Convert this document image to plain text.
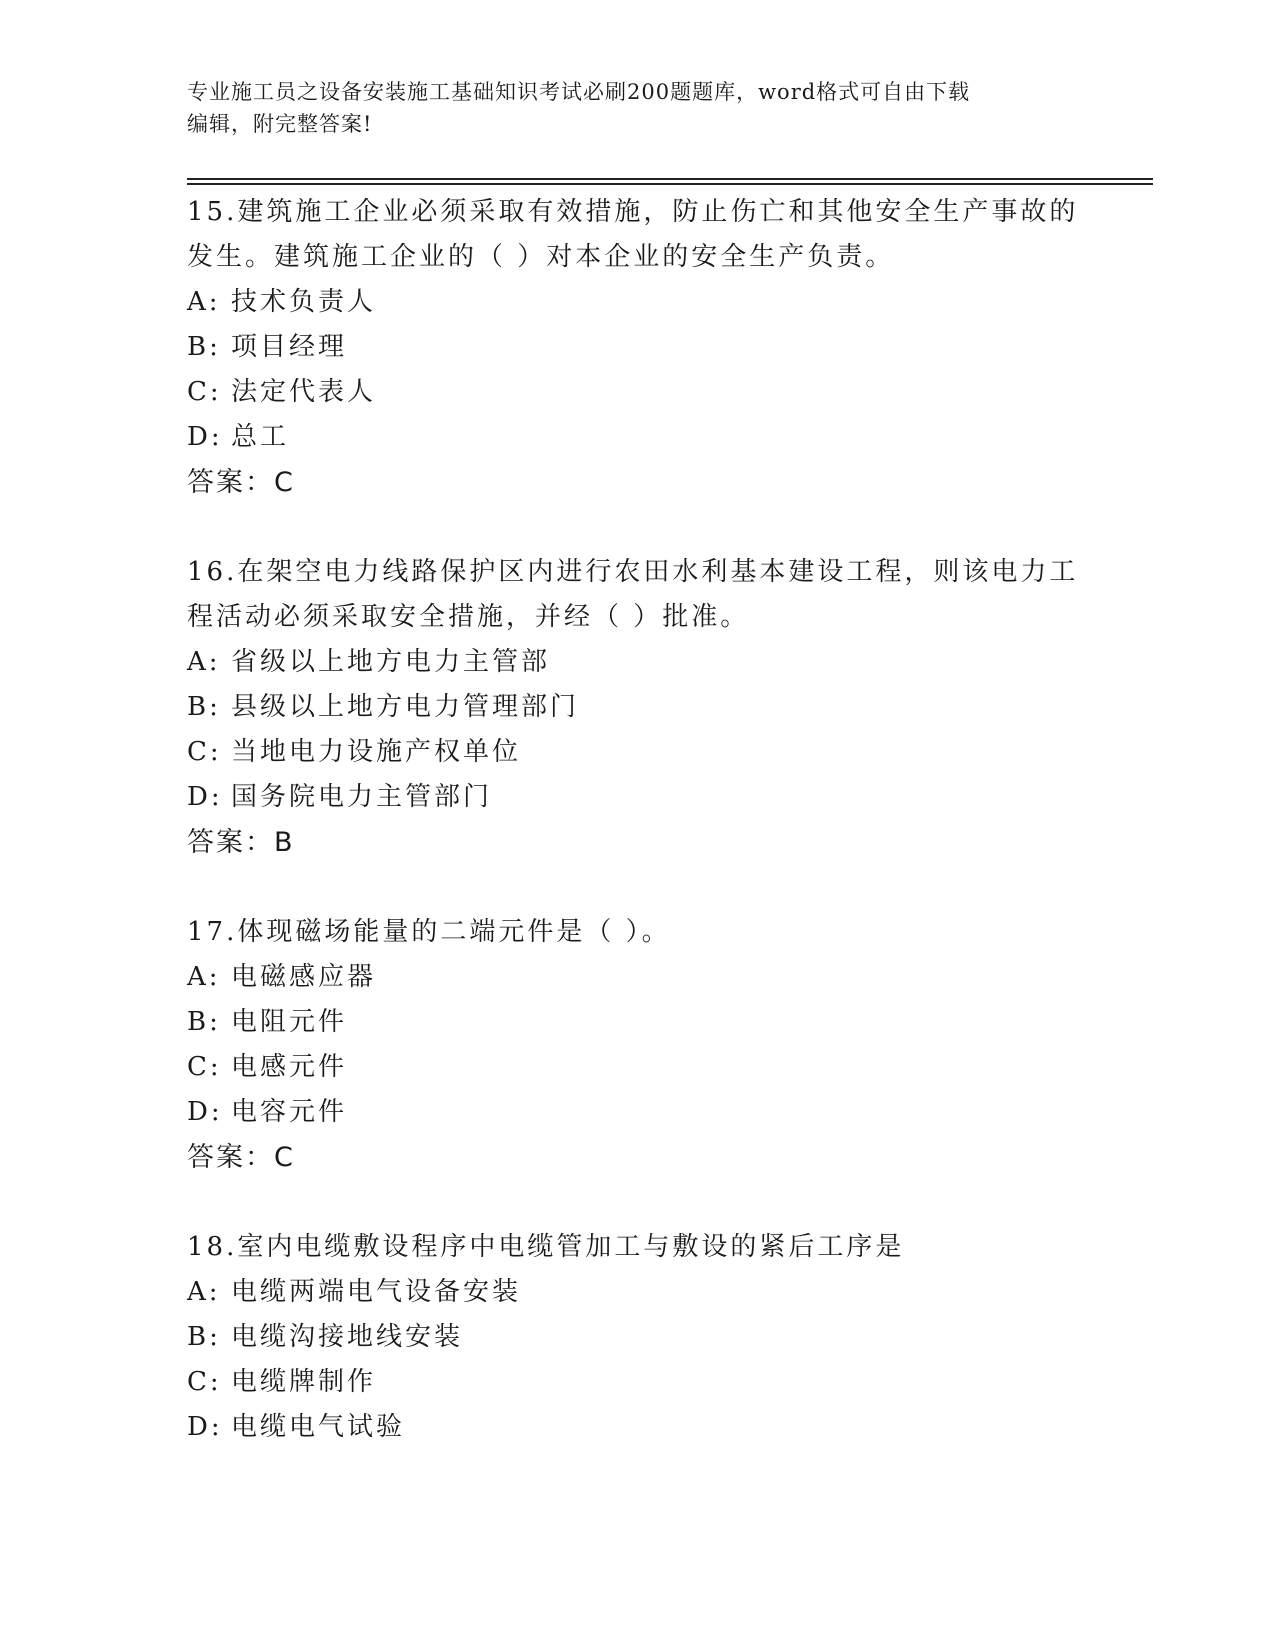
专业施工员之设备安装施工基础知识考试必刷200题题库，word格式可自由下载
编辑，附完整答案!
15.建筑施工企业必须采取有效措施，防止伤亡和其他安全生产事故的
发生。建筑施工企业的（ ）对本企业的安全生产负责。
A: 技术负责人
B: 项目经理
C: 法定代表人
D: 总工
答案：C
16.在架空电力线路保护区内进行农田水利基本建设工程，则该电力工
程活动必须采取安全措施，并经（ ）批准。
A: 省级以上地方电力主管部
B: 县级以上地方电力管理部门
C: 当地电力设施产权单位
D: 国务院电力主管部门
答案：B
17.体现磁场能量的二端元件是（ ）。
A: 电磁感应器
B: 电阻元件
C: 电感元件
D: 电容元件
答案：C
18.室内电缆敷设程序中电缆管加工与敷设的紧后工序是
A: 电缆两端电气设备安装
B: 电缆沟接地线安装
C: 电缆牌制作
D: 电缆电气试验
